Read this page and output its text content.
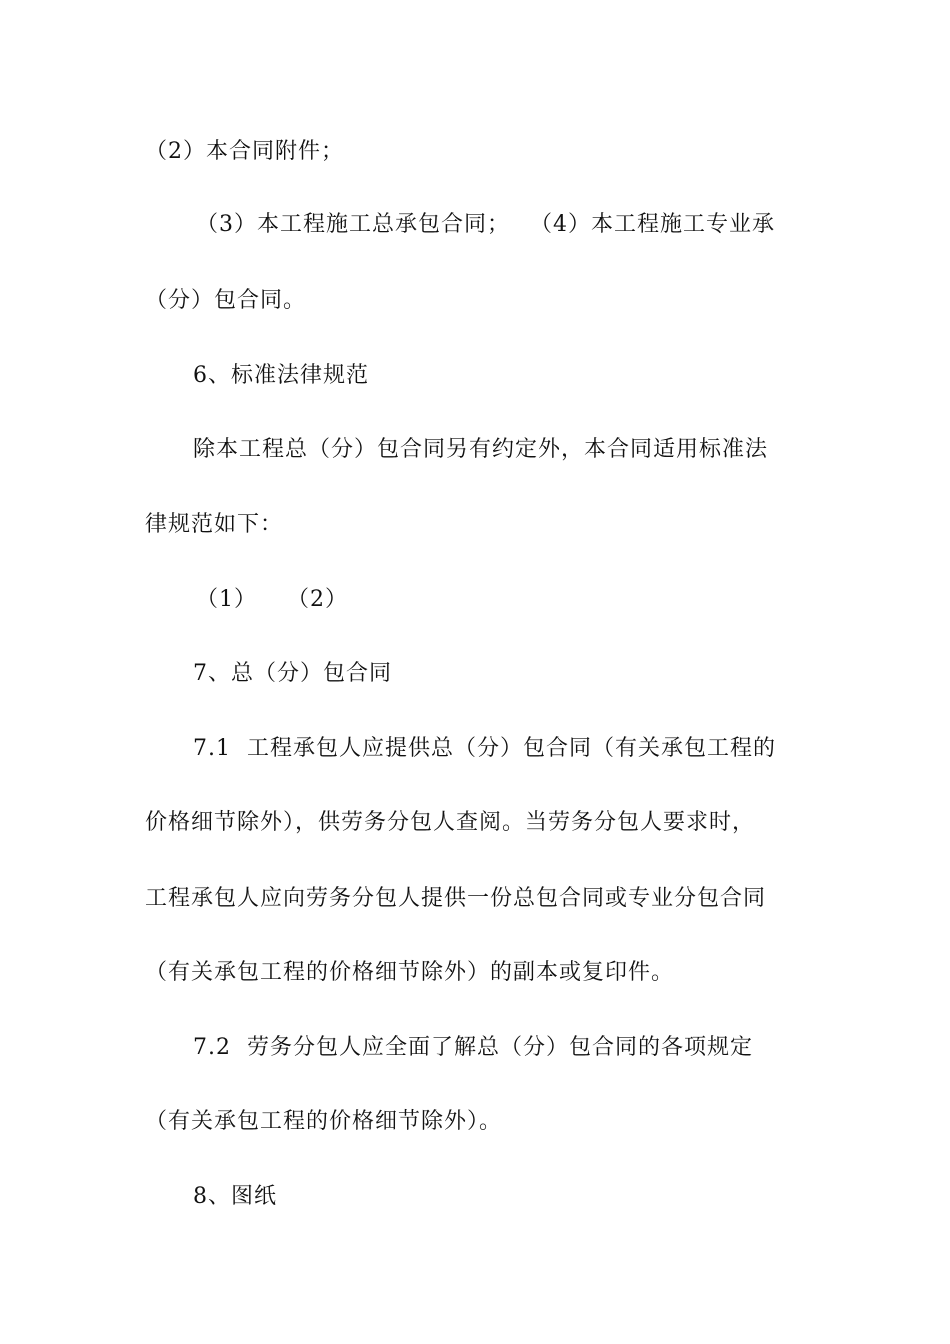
（2）本合同附件；
（3）本工程施工总承包合同； （4）本工程施工专业承
（分）包合同。
6、标准法律规范
除本工程总（分）包合同另有约定外，本合同适用标准法
律规范如下：
（1） （2）
7、总（分）包合同
7.1  工程承包人应提供总（分）包合同（有关承包工程的
价格细节除外），供劳务分包人查阅。当劳务分包人要求时，
工程承包人应向劳务分包人提供一份总包合同或专业分包合同
（有关承包工程的价格细节除外）的副本或复印件。
7.2  劳务分包人应全面了解总（分）包合同的各项规定
（有关承包工程的价格细节除外）。
8、图纸
